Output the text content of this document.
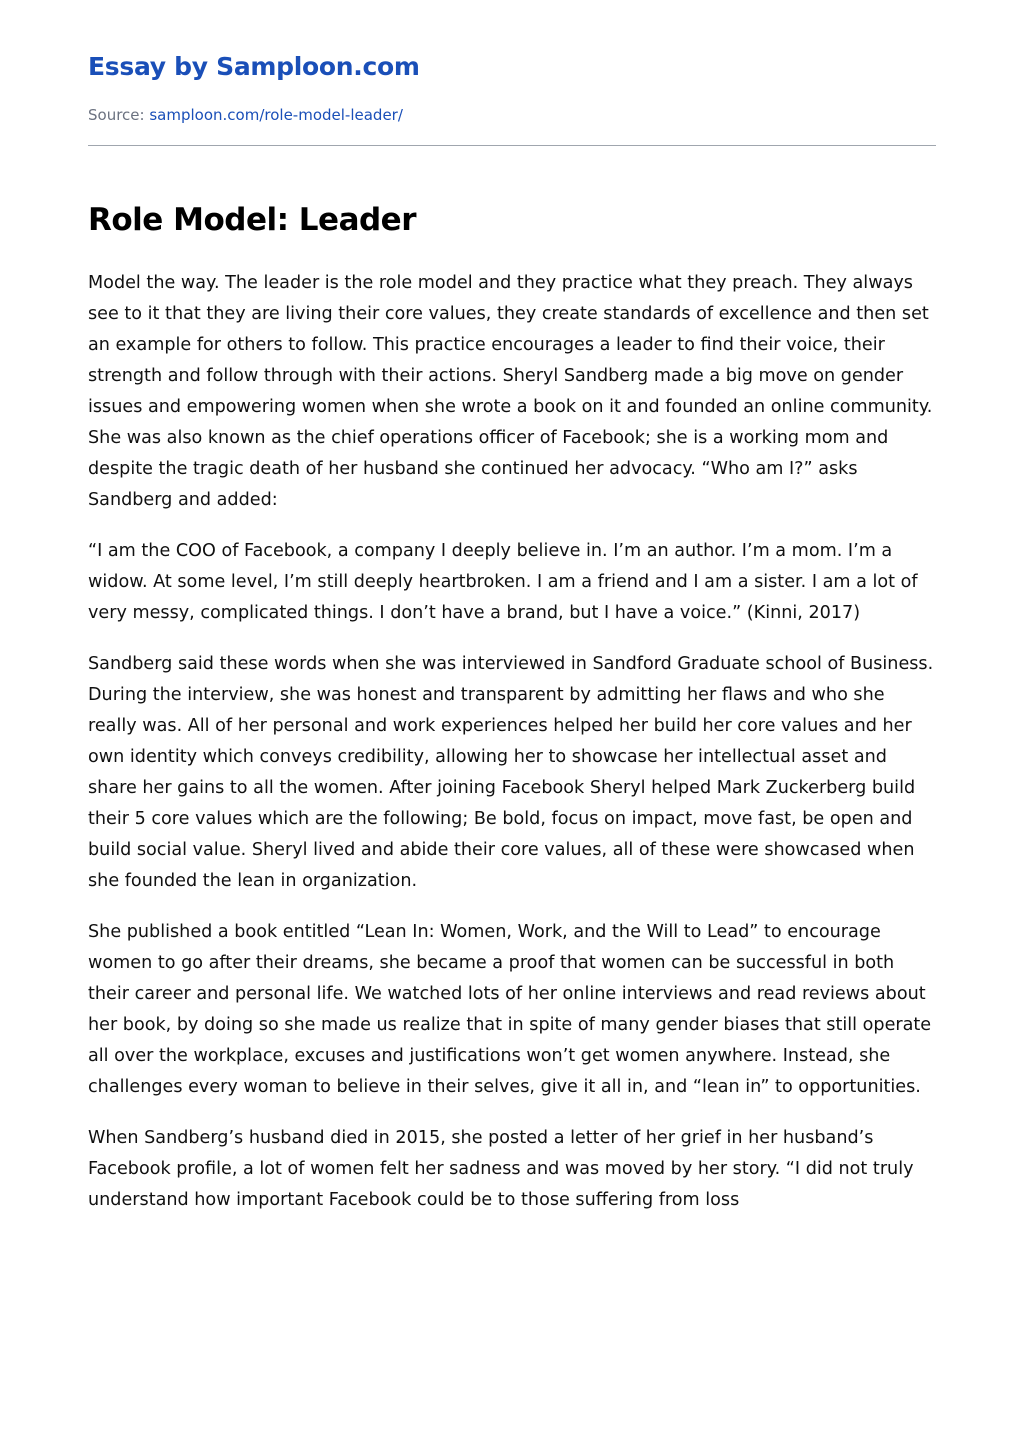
Essay by Samploon.com
Source: samploon.com/role-model-leader/
Role Model: Leader

Model the way. The leader is the role model and they practice what they preach. They always see to it that they are living their core values, they create standards of excellence and then set an example for others to follow. This practice encourages a leader to find their voice, their strength and follow through with their actions. Sheryl Sandberg made a big move on gender issues and empowering women when she wrote a book on it and founded an online community. She was also known as the chief operations officer of Facebook; she is a working mom and despite the tragic death of her husband she continued her advocacy. “Who am I?” asks Sandberg and added:

“I am the COO of Facebook, a company I deeply believe in. I’m an author. I’m a mom. I’m a widow. At some level, I’m still deeply heartbroken. I am a friend and I am a sister. I am a lot of very messy, complicated things. I don’t have a brand, but I have a voice.” (Kinni, 2017)

Sandberg said these words when she was interviewed in Sandford Graduate school of Business. During the interview, she was honest and transparent by admitting her flaws and who she really was. All of her personal and work experiences helped her build her core values and her own identity which conveys credibility, allowing her to showcase her intellectual asset and share her gains to all the women. After joining Facebook Sheryl helped Mark Zuckerberg build their 5 core values which are the following; Be bold, focus on impact, move fast, be open and build social value. Sheryl lived and abide their core values, all of these were showcased when she founded the lean in organization.

She published a book entitled “Lean In: Women, Work, and the Will to Lead” to encourage women to go after their dreams, she became a proof that women can be successful in both their career and personal life. We watched lots of her online interviews and read reviews about her book, by doing so she made us realize that in spite of many gender biases that still operate all over the workplace, excuses and justifications won’t get women anywhere. Instead, she challenges every woman to believe in their selves, give it all in, and “lean in” to opportunities.

When Sandberg’s husband died in 2015, she posted a letter of her grief in her husband’s Facebook profile, a lot of women felt her sadness and was moved by her story. “I did not truly understand how important Facebook could be to those suffering from loss
